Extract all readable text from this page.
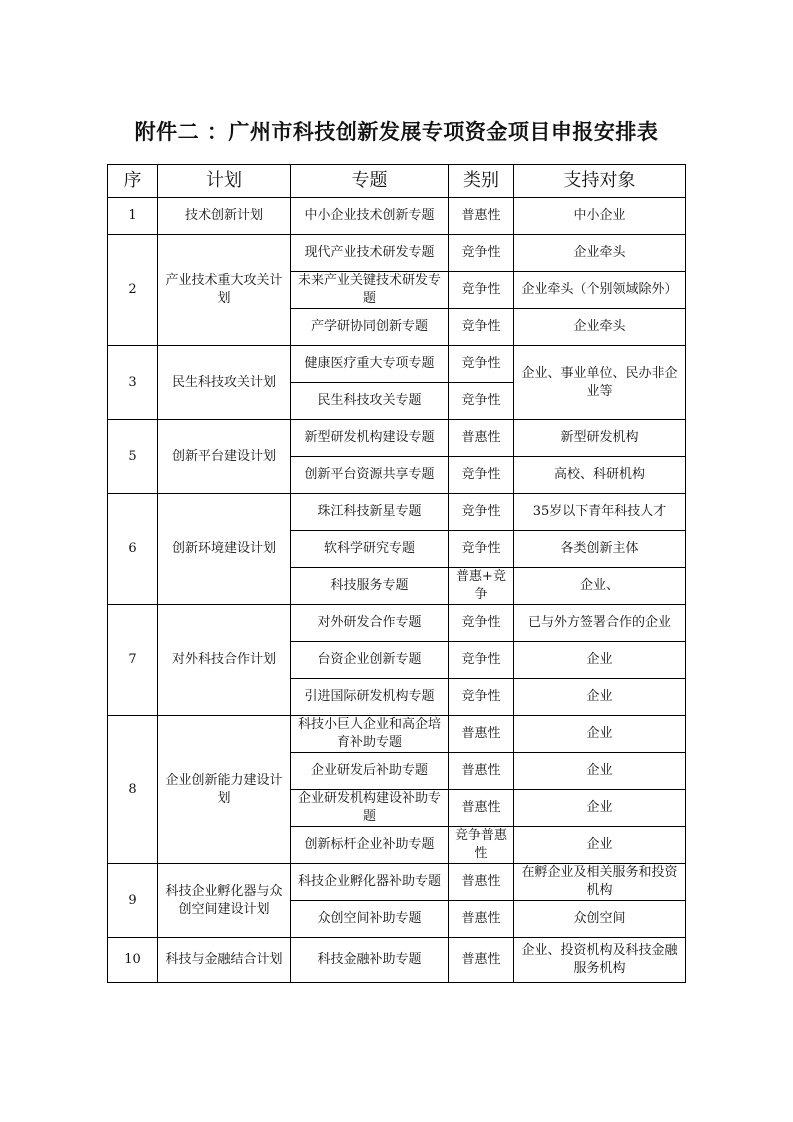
附件二 ：广州市科技创新发展专项资金项目申报安排表
序	计划	专题	类别	支持对象
1	技术创新计划	中小企业技术创新专题	普惠性	中小企业
2	产业技术重大攻关计划	现代产业技术研发专题	竞争性	企业牵头
		未来产业关键技术研发专题	竞争性	企业牵头（个别领域除外）
		产学研协同创新专题	竞争性	企业牵头
3	民生科技攻关计划	健康医疗重大专项专题	竞争性	企业、事业单位、民办非企业等
		民生科技攻关专题	竞争性	
5	创新平台建设计划	新型研发机构建设专题	普惠性	新型研发机构
		创新平台资源共享专题	竞争性	高校、科研机构
6	创新环境建设计划	珠江科技新星专题	竞争性	35岁以下青年科技人才
		软科学研究专题	竞争性	各类创新主体
		科技服务专题	普惠+竞争	企业、
7	对外科技合作计划	对外研发合作专题	竞争性	已与外方签署合作的企业
		台资企业创新专题	竞争性	企业
		引进国际研发机构专题	竞争性	企业
8	企业创新能力建设计划	科技小巨人企业和高企培育补助专题	普惠性	企业
		企业研发后补助专题	普惠性	企业
		企业研发机构建设补助专题	普惠性	企业
		创新标杆企业补助专题	竞争普惠性	企业
9	科技企业孵化器与众创空间建设计划	科技企业孵化器补助专题	普惠性	在孵企业及相关服务和投资机构
		众创空间补助专题	普惠性	众创空间
10	科技与金融结合计划	科技金融补助专题	普惠性	企业、投资机构及科技金融服务机构
